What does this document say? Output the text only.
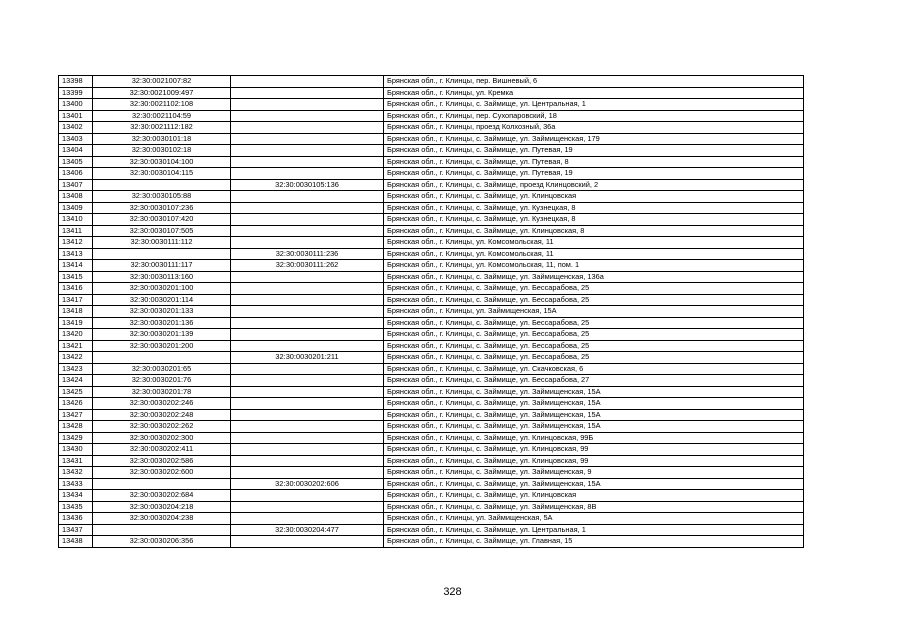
13398	32:30:0021007:82		Брянская обл., г. Клинцы, пер. Вишневый, 6
13399	32:30:0021009:497		Брянская обл., г. Клинцы, ул. Кремка
13400	32:30:0021102:108		Брянская обл., г. Клинцы, с. Займище, ул. Центральная, 1
13401	32:30:0021104:59		Брянская обл., г. Клинцы, пер. Сухопаровский, 18
13402	32:30:0021112:182		Брянская обл., г. Клинцы, проезд Колхозный, 36а
13403	32:30:0030101:18		Брянская обл., г. Клинцы, с. Займище, ул. Займищенская, 179
13404	32:30:0030102:18		Брянская обл., г. Клинцы, с. Займище, ул. Путевая, 19
13405	32:30:0030104:100		Брянская обл., г. Клинцы, с. Займище, ул. Путевая, 8
13406	32:30:0030104:115		Брянская обл., г. Клинцы, с. Займище, ул. Путевая, 19
13407		32:30:0030105:136	Брянская обл., г. Клинцы, с. Займище, проезд Клинцовский, 2
13408	32:30:0030105:88		Брянская обл., г. Клинцы, с. Займище, ул. Клинцовская
13409	32:30:0030107:236		Брянская обл., г. Клинцы, с. Займище, ул. Кузнецкая, 8
13410	32:30:0030107:420		Брянская обл., г. Клинцы, с. Займище, ул. Кузнецкая, 8
13411	32:30:0030107:505		Брянская обл., г. Клинцы, с. Займище, ул. Клинцовская, 8
13412	32:30:0030111:112		Брянская обл., г. Клинцы, ул. Комсомольская, 11
13413		32:30:0030111:236	Брянская обл., г. Клинцы, ул. Комсомольская, 11
13414	32:30:0030111:117	32:30:0030111:262	Брянская обл., г. Клинцы, ул. Комсомольская, 11, пом. 1
13415	32:30:0030113:160		Брянская обл., г. Клинцы, с. Займище, ул. Займищенская, 136а
13416	32:30:0030201:100		Брянская обл., г. Клинцы, с. Займище, ул. Бессарабова, 25
13417	32:30:0030201:114		Брянская обл., г. Клинцы, с. Займище, ул. Бессарабова, 25
13418	32:30:0030201:133		Брянская обл., г. Клинцы, ул. Займищенская, 15А
13419	32:30:0030201:136		Брянская обл., г. Клинцы, с. Займище, ул. Бессарабова, 25
13420	32:30:0030201:139		Брянская обл., г. Клинцы, с. Займище, ул. Бессарабова, 25
13421	32:30:0030201:200		Брянская обл., г. Клинцы, с. Займище, ул. Бессарабова, 25
13422		32:30:0030201:211	Брянская обл., г. Клинцы, с. Займище, ул. Бессарабова, 25
13423	32:30:0030201:65		Брянская обл., г. Клинцы, с. Займище, ул. Скачковская, 6
13424	32:30:0030201:76		Брянская обл., г. Клинцы, с. Займище, ул. Бессарабова, 27
13425	32:30:0030201:78		Брянская обл., г. Клинцы, с. Займище, ул. Займищенская, 15А
13426	32:30:0030202:246		Брянская обл., г. Клинцы, с. Займище, ул. Займищенская, 15А
13427	32:30:0030202:248		Брянская обл., г. Клинцы, с. Займище, ул. Займищенская, 15А
13428	32:30:0030202:262		Брянская обл., г. Клинцы, с. Займище, ул. Займищенская, 15А
13429	32:30:0030202:300		Брянская обл., г. Клинцы, с. Займище, ул. Клинцовская, 99Б
13430	32:30:0030202:411		Брянская обл., г. Клинцы, с. Займище, ул. Клинцовская, 99
13431	32:30:0030202:586		Брянская обл., г. Клинцы, с. Займище, ул. Клинцовская, 99
13432	32:30:0030202:600		Брянская обл., г. Клинцы, с. Займище, ул. Займищенская, 9
13433		32:30:0030202:606	Брянская обл., г. Клинцы, с. Займище, ул. Займищенская, 15А
13434	32:30:0030202:684		Брянская обл., г. Клинцы, с. Займище, ул. Клинцовская
13435	32:30:0030204:218		Брянская обл., г. Клинцы, с. Займище, ул. Займищенская, 8В
13436	32:30:0030204:238		Брянская обл., г. Клинцы, ул. Займищенская, 5А
13437		32:30:0030204:477	Брянская обл., г. Клинцы, с. Займище, ул. Центральная, 1
13438	32:30:0030206:356		Брянская обл., г. Клинцы, с. Займище, ул. Главная, 15
328
